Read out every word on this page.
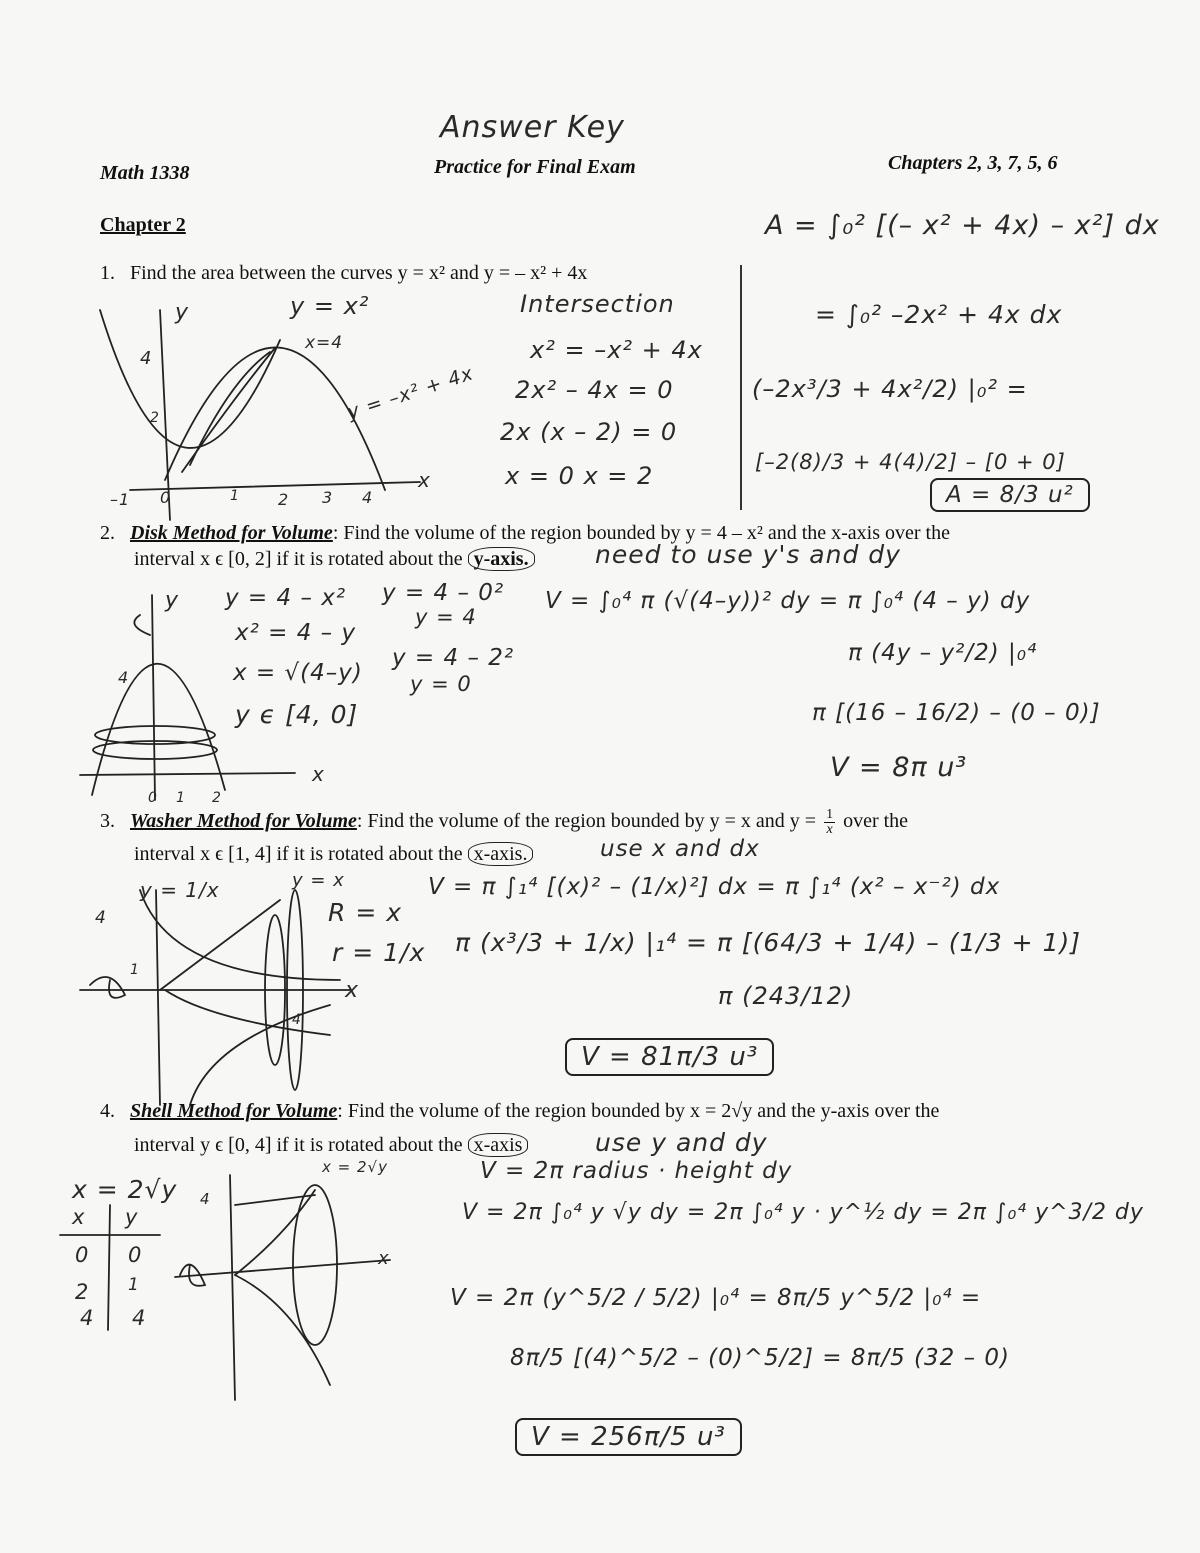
Answer Key
Math 1338	Practice for Final Exam	Chapters 2, 3, 7, 5, 6
Chapter 2
1. Find the area between the curves y = x² and y = – x² + 4x
y	y = x²
x=4
y = –x² + 4x
x
4
2
–1 0	1 2 3 4
Intersection
x² = –x² + 4x
2x² – 4x = 0
2x (x – 2) = 0
x = 0 x = 2
A = ∫₀² [(– x² + 4x) – x²] dx
= ∫₀² –2x² + 4x dx
(–2x³/3 + 4x²/2) |₀² =
[–2(8)/3 + 4(4)/2] – [0 + 0]
A = 8/3 u²
2. Disk Method for Volume: Find the volume of the region bounded by y = 4 – x² and the x-axis over the
interval x ϵ [0, 2] if it is rotated about the y-axis.	need to use y's and dy
y
4
x
0 1 2
y = 4 – x²
x² = 4 – y
x = √(4–y)
y ϵ [4, 0]
y = 4 – 0²
y = 4
y = 4 – 2²
y = 0
V = ∫₀⁴ π (√(4–y))² dy = π ∫₀⁴ (4 – y) dy
π (4y – y²/2) |₀⁴
π [(16 – 16/2) – (0 – 0)]
V = 8π u³
3. Washer Method for Volume: Find the volume of the region bounded by y = x and $y = \frac{1}{x}$ over the
interval x ϵ [1, 4] if it is rotated about the x-axis.	use x and dx
y = 1/x	y = x
4
1
x
4
R = x
r = 1/x
V = π ∫₁⁴ [(x)² – (1/x)²] dx = π ∫₁⁴ (x² – x⁻²) dx
π (x³/3 + 1/x) |₁⁴ = π [(64/3 + 1/4) – (1/3 + 1)]
π (243/12)
V = 81π/3 u³
4. Shell Method for Volume: Find the volume of the region bounded by x = 2√y and the y-axis over the
interval y ϵ [0, 4] if it is rotated about the x-axis	use y and dy
x = 2√y
x y
0 0
2 1
4 4
x = 2√y
4
x
V = 2π radius · height dy
V = 2π ∫₀⁴ y √y dy = 2π ∫₀⁴ y · y^½ dy = 2π ∫₀⁴ y^3/2 dy
V = 2π (y^5/2 / 5/2) |₀⁴ = 8π/5 y^5/2 |₀⁴ =
8π/5 [(4)^5/2 – (0)^5/2] = 8π/5 (32 – 0)
V = 256π/5 u³
